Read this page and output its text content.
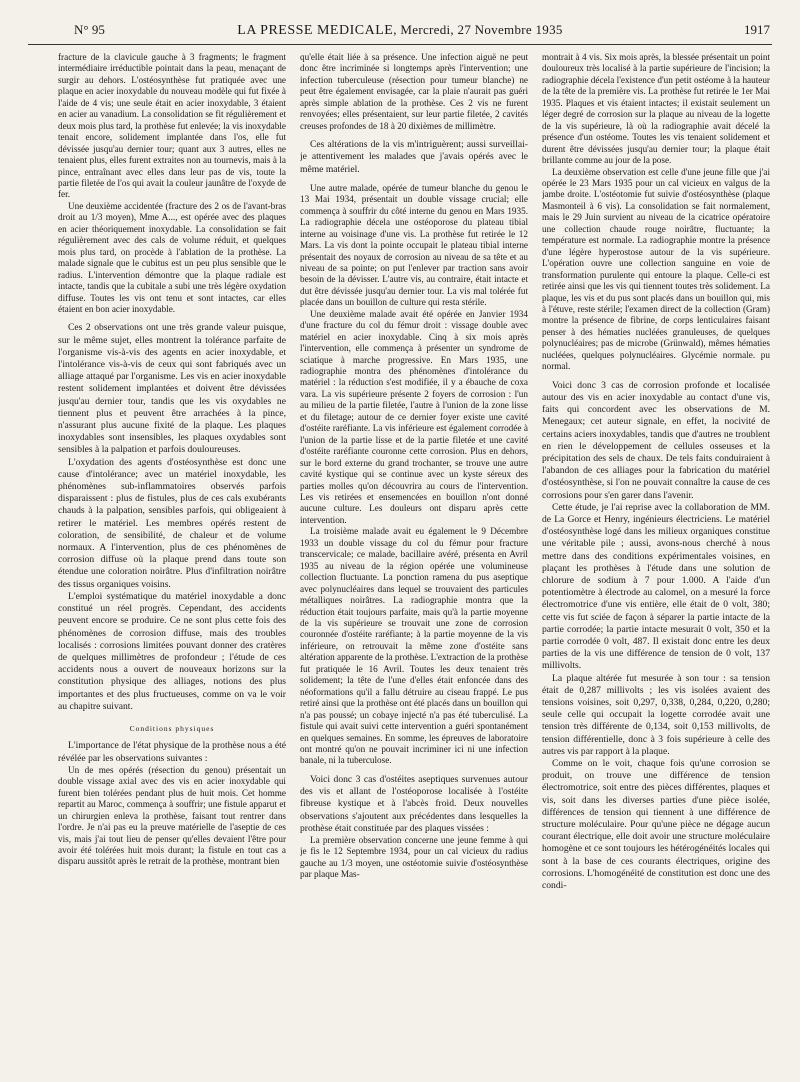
N° 95	LA PRESSE MEDICALE, Mercredi, 27 Novembre 1935	1917

fracture de la clavicule gauche à 3 fragments; le fragment intermédiaire irréductible pointait dans la peau, menaçant de surgir au dehors. L'ostéosynthèse fut pratiquée avec une plaque en acier inoxydable du nouveau modèle qui fut fixée à l'aide de 4 vis; une seule était en acier inoxydable, 3 étaient en acier au vanadium. La consolidation se fit régulièrement et deux mois plus tard, la prothèse fut enlevée; la vis inoxydable tenait encore, solidement implantée dans l'os, elle fut dévissée jusqu'au dernier tour; quant aux 3 autres, elles ne tenaient plus, elles furent extraites non au tournevis, mais à la pince, entraînant avec elles dans leur pas de vis, toute la partie filetée de l'os qui avait la couleur jaunâtre de l'oxyde de fer.

Une deuxième accidentée (fracture des 2 os de l'avant-bras droit au 1/3 moyen), Mme A..., est opérée avec des plaques en acier théoriquement inoxydable. La consolidation se fait régulièrement avec des cals de volume réduit, et quelques mois plus tard, on procède à l'ablation de la prothèse. La malade signale que le cubitus est un peu plus sensible que le radius. L'intervention démontre que la plaque radiale est intacte, tandis que la cubitale a subi une très légère oxydation diffuse. Toutes les vis ont tenu et sont intactes, car elles étaient en bon acier inoxydable.

Ces 2 observations ont une très grande valeur puisque, sur le même sujet, elles montrent la tolérance parfaite de l'organisme vis-à-vis des agents en acier inoxydable, et l'intolérance vis-à-vis de ceux qui sont fabriqués avec un alliage attaqué par l'organisme. Les vis en acier inoxydable restent solidement implantées et doivent être dévissées jusqu'au dernier tour, tandis que les vis oxydables ne tiennent plus et peuvent être arrachées à la pince, n'assurant plus aucune fixité de la plaque. Les plaques inoxydables sont insensibles, les plaques oxydables sont sensibles à la palpation et parfois douloureuses.

L'oxydation des agents d'ostéosynthèse est donc une cause d'intolérance; avec un matériel inoxydable, les phénomènes sub-inflammatoires observés parfois disparaissent : plus de fistules, plus de ces cals exubérants chauds à la palpation, sensibles parfois, qui obligeaient à retirer le matériel. Les membres opérés restent de coloration, de sensibilité, de chaleur et de volume normaux. A l'intervention, plus de ces phénomènes de corrosion diffuse où la plaque prend dans toute son étendue une coloration noirâtre. Plus d'infiltration noirâtre des tissus organiques voisins.

L'emploi systématique du matériel inoxydable a donc constitué un réel progrès. Cependant, des accidents peuvent encore se produire. Ce ne sont plus cette fois des phénomènes de corrosion diffuse, mais des troubles localisés : corrosions limitées pouvant donner des cratères de quelques millimètres de profondeur ; l'étude de ces accidents nous a ouvert de nouveaux horizons sur la constitution physique des alliages, notions des plus importantes et des plus fructueuses, comme on va le voir au chapitre suivant.

Conditions physiques

L'importance de l'état physique de la prothèse nous a été révélée par les observations suivantes :

Un de mes opérés (résection du genou) présentait un double vissage axial avec des vis en acier inoxydable qui furent bien tolérées pendant plus de huit mois. Cet homme repartit au Maroc, commença à souffrir; une fistule apparut et un chirurgien enleva la prothèse, faisant tout rentrer dans l'ordre. Je n'ai pas eu la preuve matérielle de l'aseptie de ces vis, mais j'ai tout lieu de penser qu'elles devaient l'être pour avoir été tolérées huit mois durant; la fistule en tout cas a disparu aussitôt après le retrait de la prothèse, montrant bien

qu'elle était liée à sa présence. Une infection aiguë ne peut donc être incriminée si longtemps après l'intervention; une infection tuberculeuse (résection pour tumeur blanche) ne peut être également envisagée, car la plaie n'aurait pas guéri après simple ablation de la prothèse. Ces 2 vis ne furent renvoyées; elles présentaient, sur leur partie filetée, 2 cavités creuses profondes de 18 à 20 dixièmes de millimètre.

Ces altérations de la vis m'intriguèrent; aussi surveillai-je attentivement les malades que j'avais opérés avec le même matériel.

Une autre malade, opérée de tumeur blanche du genou le 13 Mai 1934, présentait un double vissage crucial; elle commença à souffrir du côté interne du genou en Mars 1935. La radiographie décela une ostéoporose du plateau tibial interne au voisinage d'une vis. La prothèse fut retirée le 12 Mars. La vis dont la pointe occupait le plateau tibial interne présentait des noyaux de corrosion au niveau de sa tête et au niveau de sa pointe; on put l'enlever par traction sans avoir besoin de la dévisser. L'autre vis, au contraire, était intacte et dut être dévissée jusqu'au dernier tour. La vis mal tolérée fut placée dans un bouillon de culture qui resta stérile.

Une deuxième malade avait été opérée en Janvier 1934 d'une fracture du col du fémur droit : vissage double avec matériel en acier inoxydable. Cinq à six mois après l'intervention, elle commença à présenter un syndrome de sciatique à marche progressive. En Mars 1935, une radiographie montra des phénomènes d'intolérance du matériel : la réduction s'est modifiée, il y a ébauche de coxa vara. La vis supérieure présente 2 foyers de corrosion : l'un au milieu de la partie filetée, l'autre à l'union de la zone lisse et du filetage; autour de ce dernier foyer existe une cavité d'ostéite raréfiante. La vis inférieure est également corrodée à l'union de la partie lisse et de la partie filetée et une cavité d'ostéite raréfiante couronne cette corrosion. Plus en dehors, sur le bord externe du grand trochanter, se trouve une autre cavité kystique qui se continue avec un kyste séreux des parties molles qu'on découvrira au cours de l'intervention. Les vis retirées et ensemencées en bouillon n'ont donné aucune culture. Les douleurs ont disparu après cette intervention.

La troisième malade avait eu également le 9 Décembre 1933 un double vissage du col du fémur pour fracture transcervicale; ce malade, bacillaire avéré, présenta en Avril 1935 au niveau de la région opérée une volumineuse collection fluctuante. La ponction ramena du pus aseptique avec polynucléaires dans lequel se trouvaient des particules métalliques noirâtres. La radiographie montra que la réduction était toujours parfaite, mais qu'à la partie moyenne de la vis supérieure se trouvait une zone de corrosion couronnée d'ostéite raréfiante; à la partie moyenne de la vis inférieure, on retrouvait la même zone d'ostéite sans altération apparente de la prothèse. L'extraction de la prothèse fut pratiquée le 16 Avril. Toutes les deux tenaient très solidement; la tête de l'une d'elles était enfoncée dans des néoformations qu'il a fallu détruire au ciseau frappé. Le pus retiré ainsi que la prothèse ont été placés dans un bouillon qui n'a pas poussé; un cobaye injecté n'a pas été tuberculisé. La fistule qui avait suivi cette intervention a guéri spontanément en quelques semaines. En somme, les épreuves de laboratoire ont montré qu'on ne pouvait incriminer ici ni une infection banale, ni la tuberculose.

Voici donc 3 cas d'ostéites aseptiques survenues autour des vis et allant de l'ostéoporose localisée à l'ostéite fibreuse kystique et à l'abcès froid. Deux nouvelles observations s'ajoutent aux précédentes dans lesquelles la prothèse était constituée par des plaques vissées :

La première observation concerne une jeune femme à qui je fis le 12 Septembre 1934, pour un cal vicieux du radius gauche au 1/3 moyen, une ostéotomie suivie d'ostéosynthèse par plaque Mas-

montrait à 4 vis. Six mois après, la blessée présentait un point douloureux très localisé à la partie supérieure de l'incision; la radiographie décela l'existence d'un petit ostéome à la hauteur de la tête de la première vis. La prothèse fut retirée le 1er Mai 1935. Plaques et vis étaient intactes; il existait seulement un léger degré de corrosion sur la plaque au niveau de la logette de la vis supérieure, là où la radiographie avait décelé la présence d'un ostéome. Toutes les vis tenaient solidement et durent être dévissées jusqu'au dernier tour; la plaque était brillante comme au jour de la pose.

La deuxième observation est celle d'une jeune fille que j'ai opérée le 23 Mars 1935 pour un cal vicieux en valgus de la jambe droite. L'ostéotomie fut suivie d'ostéosynthèse (plaque Masmonteil à 6 vis). La consolidation se fait normalement, mais le 29 Juin survient au niveau de la cicatrice opératoire une collection chaude rouge noirâtre, fluctuante; la température est normale. La radiographie montre la présence d'une légère hyperostose autour de la vis supérieure. L'opération ouvre une collection sanguine en voie de transformation purulente qui entoure la plaque. Celle-ci est retirée ainsi que les vis qui tiennent toutes très solidement. La plaque, les vis et du pus sont placés dans un bouillon qui, mis à l'étuve, reste stérile; l'examen direct de la collection (Gram) montre la présence de fibrine, de corps lenticulaires faisant penser à des hématies nucléées granuleuses, de quelques polynucléaires; pas de microbe (Grünwald), mêmes hématies nucléées, quelques polynucléaires. Glycémie normale. pu normal.

Voici donc 3 cas de corrosion profonde et localisée autour des vis en acier inoxydable au contact d'une vis, faits qui concordent avec les observations de M. Menegaux; cet auteur signale, en effet, la nocivité de certains aciers inoxydables, tandis que d'autres ne troublent en rien le développement de cellules osseuses et la précipitation des sels de chaux. De tels faits conduiraient à l'abandon de ces alliages pour la fabrication du matériel d'ostéosynthèse, si l'on ne pouvait connaître la cause de ces corrosions pour s'en garer dans l'avenir.

Cette étude, je l'ai reprise avec la collaboration de MM. de La Gorce et Henry, ingénieurs électriciens. Le matériel d'ostéosynthèse logé dans les milieux organiques constitue une véritable pile ; aussi, avons-nous cherché à nous mettre dans des conditions expérimentales voisines, en plaçant les prothèses à l'étude dans une solution de chlorure de sodium à 7 pour 1.000. A l'aide d'un potentiomètre à électrode au calomel, on a mesuré la force électromotrice d'une vis entière, elle était de 0 volt, 380; cette vis fut sciée de façon à séparer la partie intacte de la partie corrodée; la partie intacte mesurait 0 volt, 350 et la partie corrodée 0 volt, 487. Il existait donc entre les deux parties de la vis une différence de tension de 0 volt, 137 millivolts.

La plaque altérée fut mesurée à son tour : sa tension était de 0,287 millivolts ; les vis isolées avaient des tensions voisines, soit 0,297, 0,338, 0,284, 0,220, 0,280; seule celle qui occupait la logette corrodée avait une tension très différente de 0,134, soit 0,153 millivolts, de tension différentielle, donc à 3 fois supérieure à celle des autres vis par rapport à la plaque.

Comme on le voit, chaque fois qu'une corrosion se produit, on trouve une différence de tension électromotrice, soit entre des pièces différentes, plaques et vis, soit dans les diverses parties d'une pièce isolée, différences de tension qui tiennent à une différence de structure moléculaire. Pour qu'une pièce ne dégage aucun courant électrique, elle doit avoir une structure moléculaire homogène et ce sont toujours les hétérogénéités locales qui sont à la base de ces courants électriques, origine des corrosions. L'homogénéité de constitution est donc une des condi-
